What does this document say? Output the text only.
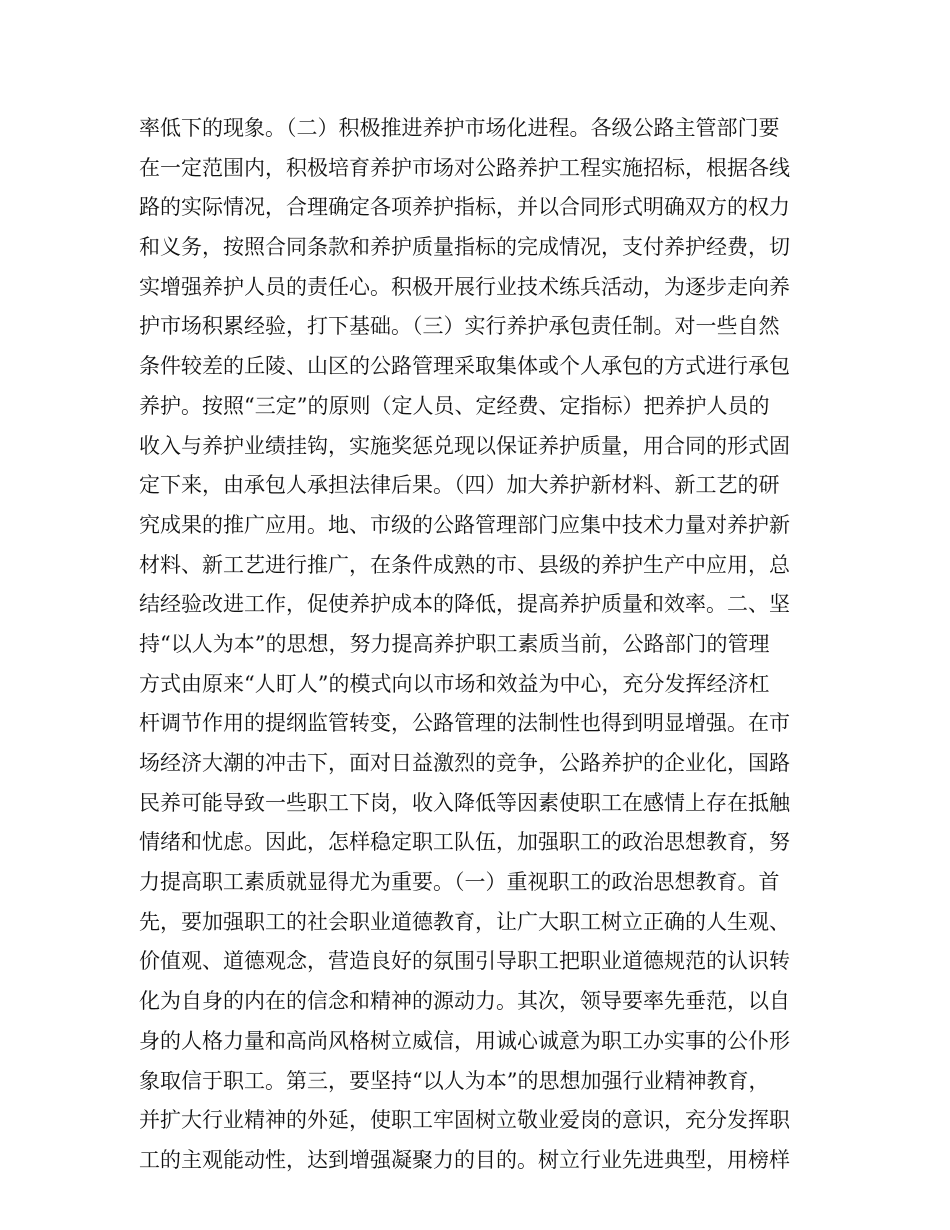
率低下的现象。（二）积极推进养护市场化进程。各级公路主管部门要
在一定范围内，积极培育养护市场对公路养护工程实施招标，根据各线
路的实际情况，合理确定各项养护指标，并以合同形式明确双方的权力
和义务，按照合同条款和养护质量指标的完成情况，支付养护经费，切
实增强养护人员的责任心。积极开展行业技术练兵活动，为逐步走向养
护市场积累经验，打下基础。（三）实行养护承包责任制。对一些自然
条件较差的丘陵、山区的公路管理采取集体或个人承包的方式进行承包
养护。按照“三定”的原则（定人员、定经费、定指标）把养护人员的
收入与养护业绩挂钩，实施奖惩兑现以保证养护质量，用合同的形式固
定下来，由承包人承担法律后果。（四）加大养护新材料、新工艺的研
究成果的推广应用。地、市级的公路管理部门应集中技术力量对养护新
材料、新工艺进行推广，在条件成熟的市、县级的养护生产中应用，总
结经验改进工作，促使养护成本的降低，提高养护质量和效率。二、坚
持“以人为本”的思想，努力提高养护职工素质当前，公路部门的管理
方式由原来“人盯人”的模式向以市场和效益为中心，充分发挥经济杠
杆调节作用的提纲监管转变，公路管理的法制性也得到明显增强。在市
场经济大潮的冲击下，面对日益激烈的竞争，公路养护的企业化，国路
民养可能导致一些职工下岗，收入降低等因素使职工在感情上存在抵触
情绪和忧虑。因此，怎样稳定职工队伍，加强职工的政治思想教育，努
力提高职工素质就显得尤为重要。（一）重视职工的政治思想教育。首
先，要加强职工的社会职业道德教育，让广大职工树立正确的人生观、
价值观、道德观念，营造良好的氛围引导职工把职业道德规范的认识转
化为自身的内在的信念和精神的源动力。其次，领导要率先垂范，以自
身的人格力量和高尚风格树立威信，用诚心诚意为职工办实事的公仆形
象取信于职工。第三，要坚持“以人为本”的思想加强行业精神教育，
并扩大行业精神的外延，使职工牢固树立敬业爱岗的意识，充分发挥职
工的主观能动性，达到增强凝聚力的目的。树立行业先进典型，用榜样
